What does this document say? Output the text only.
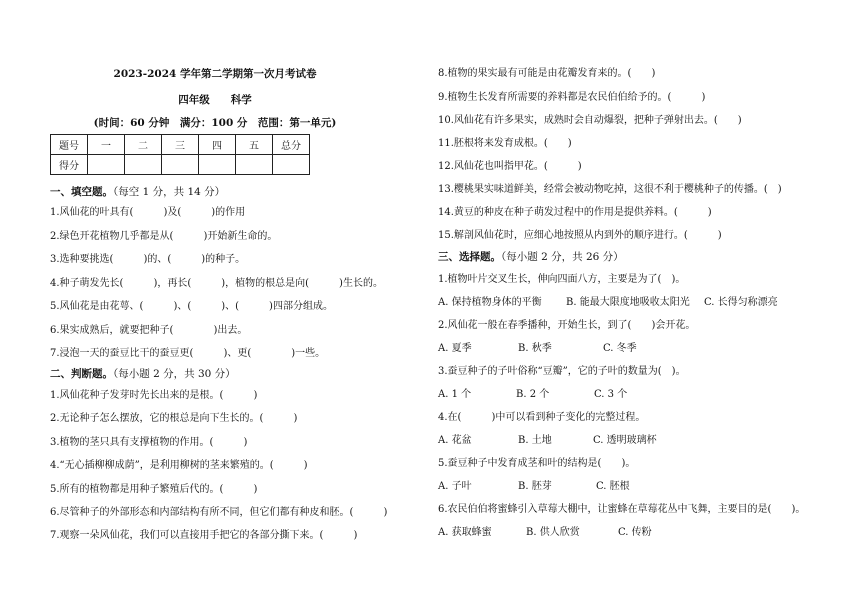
2023-2024 学年第二学期第一次月考试卷
四年级　　科学
(时间：60 分钟　满分：100 分　范围：第一单元)
题号	一	二	三	四	五	总分
得分						
一、填空题。（每空 1 分，共 14 分）
1.风仙花的叶具有(　　　)及(　　　)的作用
2.绿色开花植物几乎都是从(　　　)开始新生命的。
3.选种要挑选(　　　)的、(　　　)的种子。
4.种子萌发先长(　　　)，再长(　　　)，植物的根总是向(　　　)生长的。
5.风仙花是由花萼、(　　　)、(　　　)、(　　　)四部分组成。
6.果实成熟后，就要把种子(　　　　)出去。
7.浸泡一天的蚕豆比干的蚕豆更(　　　)、更(　　　　)一些。
二、判断题。（每小题 2 分，共 30 分）
1.风仙花种子发芽时先长出来的是根。(　　　)
2.无论种子怎么摆放，它的根总是向下生长的。(　　　)
3.植物的茎只具有支撑植物的作用。(　　　)
4.“无心插柳柳成荫”，是利用柳树的茎来繁殖的。(　　　)
5.所有的植物都是用种子繁殖后代的。(　　　)
6.尽管种子的外部形态和内部结构有所不同，但它们都有种皮和胚。(　　　)
7.观察一朵风仙花，我们可以直接用手把它的各部分撕下来。(　　　)
8.植物的果实最有可能是由花瓣发育来的。(　　)
9.植物生长发育所需要的养料都是农民伯伯给予的。(　　　)
10.风仙花有许多果实，成熟时会自动爆裂，把种子弹射出去。(　　)
11.胚根将来发育成根。(　　)
12.风仙花也叫指甲花。(　　　)
13.樱桃果实味道鲜美，经常会被动物吃掉，这很不利于樱桃种子的传播。(　)
14.黄豆的种皮在种子萌发过程中的作用是提供养料。(　　　)
15.解剖风仙花时，应细心地按照从内到外的顺序进行。(　　　)
三、选择题。（每小题 2 分，共 26 分）
1.植物叶片交叉生长，伸向四面八方，主要是为了(　)。
A. 保持植物身体的平衡 B. 能最大限度地吸收太阳光 C. 长得匀称漂亮
2.风仙花一般在春季播种，开始生长，到了(　　)会开花。
A. 夏季	B. 秋季	C. 冬季
3.蚕豆种子的子叶俗称“豆瓣”，它的子叶的数量为(　)。
A. 1 个	B. 2 个	C. 3 个
4.在(　　　)中可以看到种子变化的完整过程。
A. 花盆	B. 土地	C. 透明玻璃杯
5.蚕豆种子中发育成茎和叶的结构是(　　)。
A. 子叶	B. 胚芽	C. 胚根
6.农民伯伯将蜜蜂引入草莓大棚中，让蜜蜂在草莓花丛中飞舞，主要目的是(　　)。
A. 获取蜂蜜	B. 供人欣赏	C. 传粉
